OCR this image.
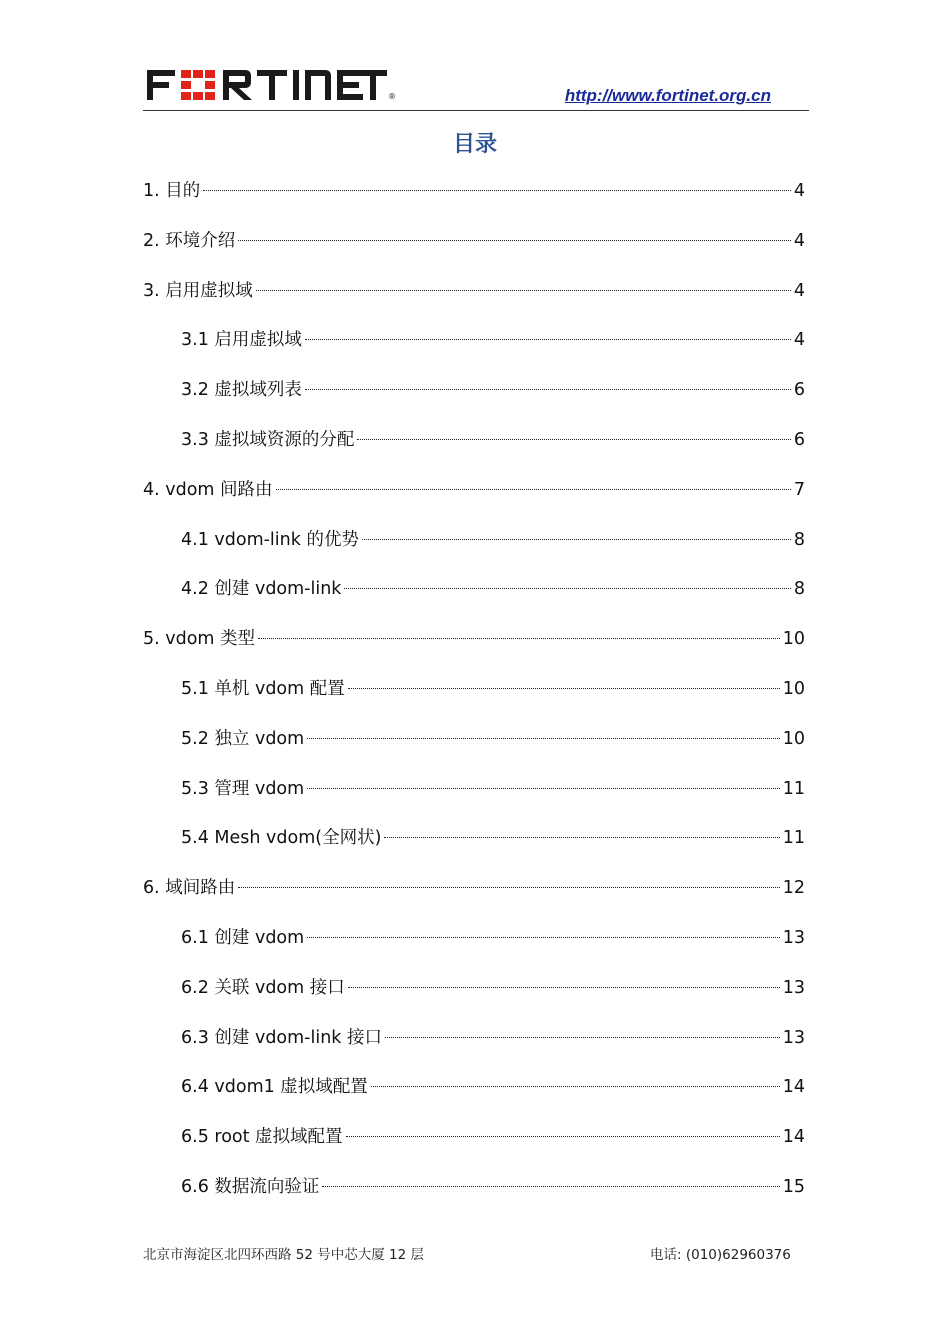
®	http://www.fortinet.org.cn
目录
1. 目的	4
2. 环境介绍	4
3. 启用虚拟域	4
3.1 启用虚拟域	4
3.2 虚拟域列表	6
3.3 虚拟域资源的分配	6
4. vdom 间路由	7
4.1 vdom-link 的优势	8
4.2 创建 vdom-link	8
5. vdom 类型	10
5.1 单机 vdom 配置	10
5.2 独立 vdom	10
5.3 管理 vdom	11
5.4 Mesh vdom(全网状)	11
6. 域间路由	12
6.1 创建 vdom	13
6.2 关联 vdom 接口	13
6.3 创建 vdom-link 接口	13
6.4 vdom1 虚拟域配置	14
6.5 root 虚拟域配置	14
6.6 数据流向验证	15
北京市海淀区北四环西路 52 号中芯大厦 12 层	电话: (010)62960376
